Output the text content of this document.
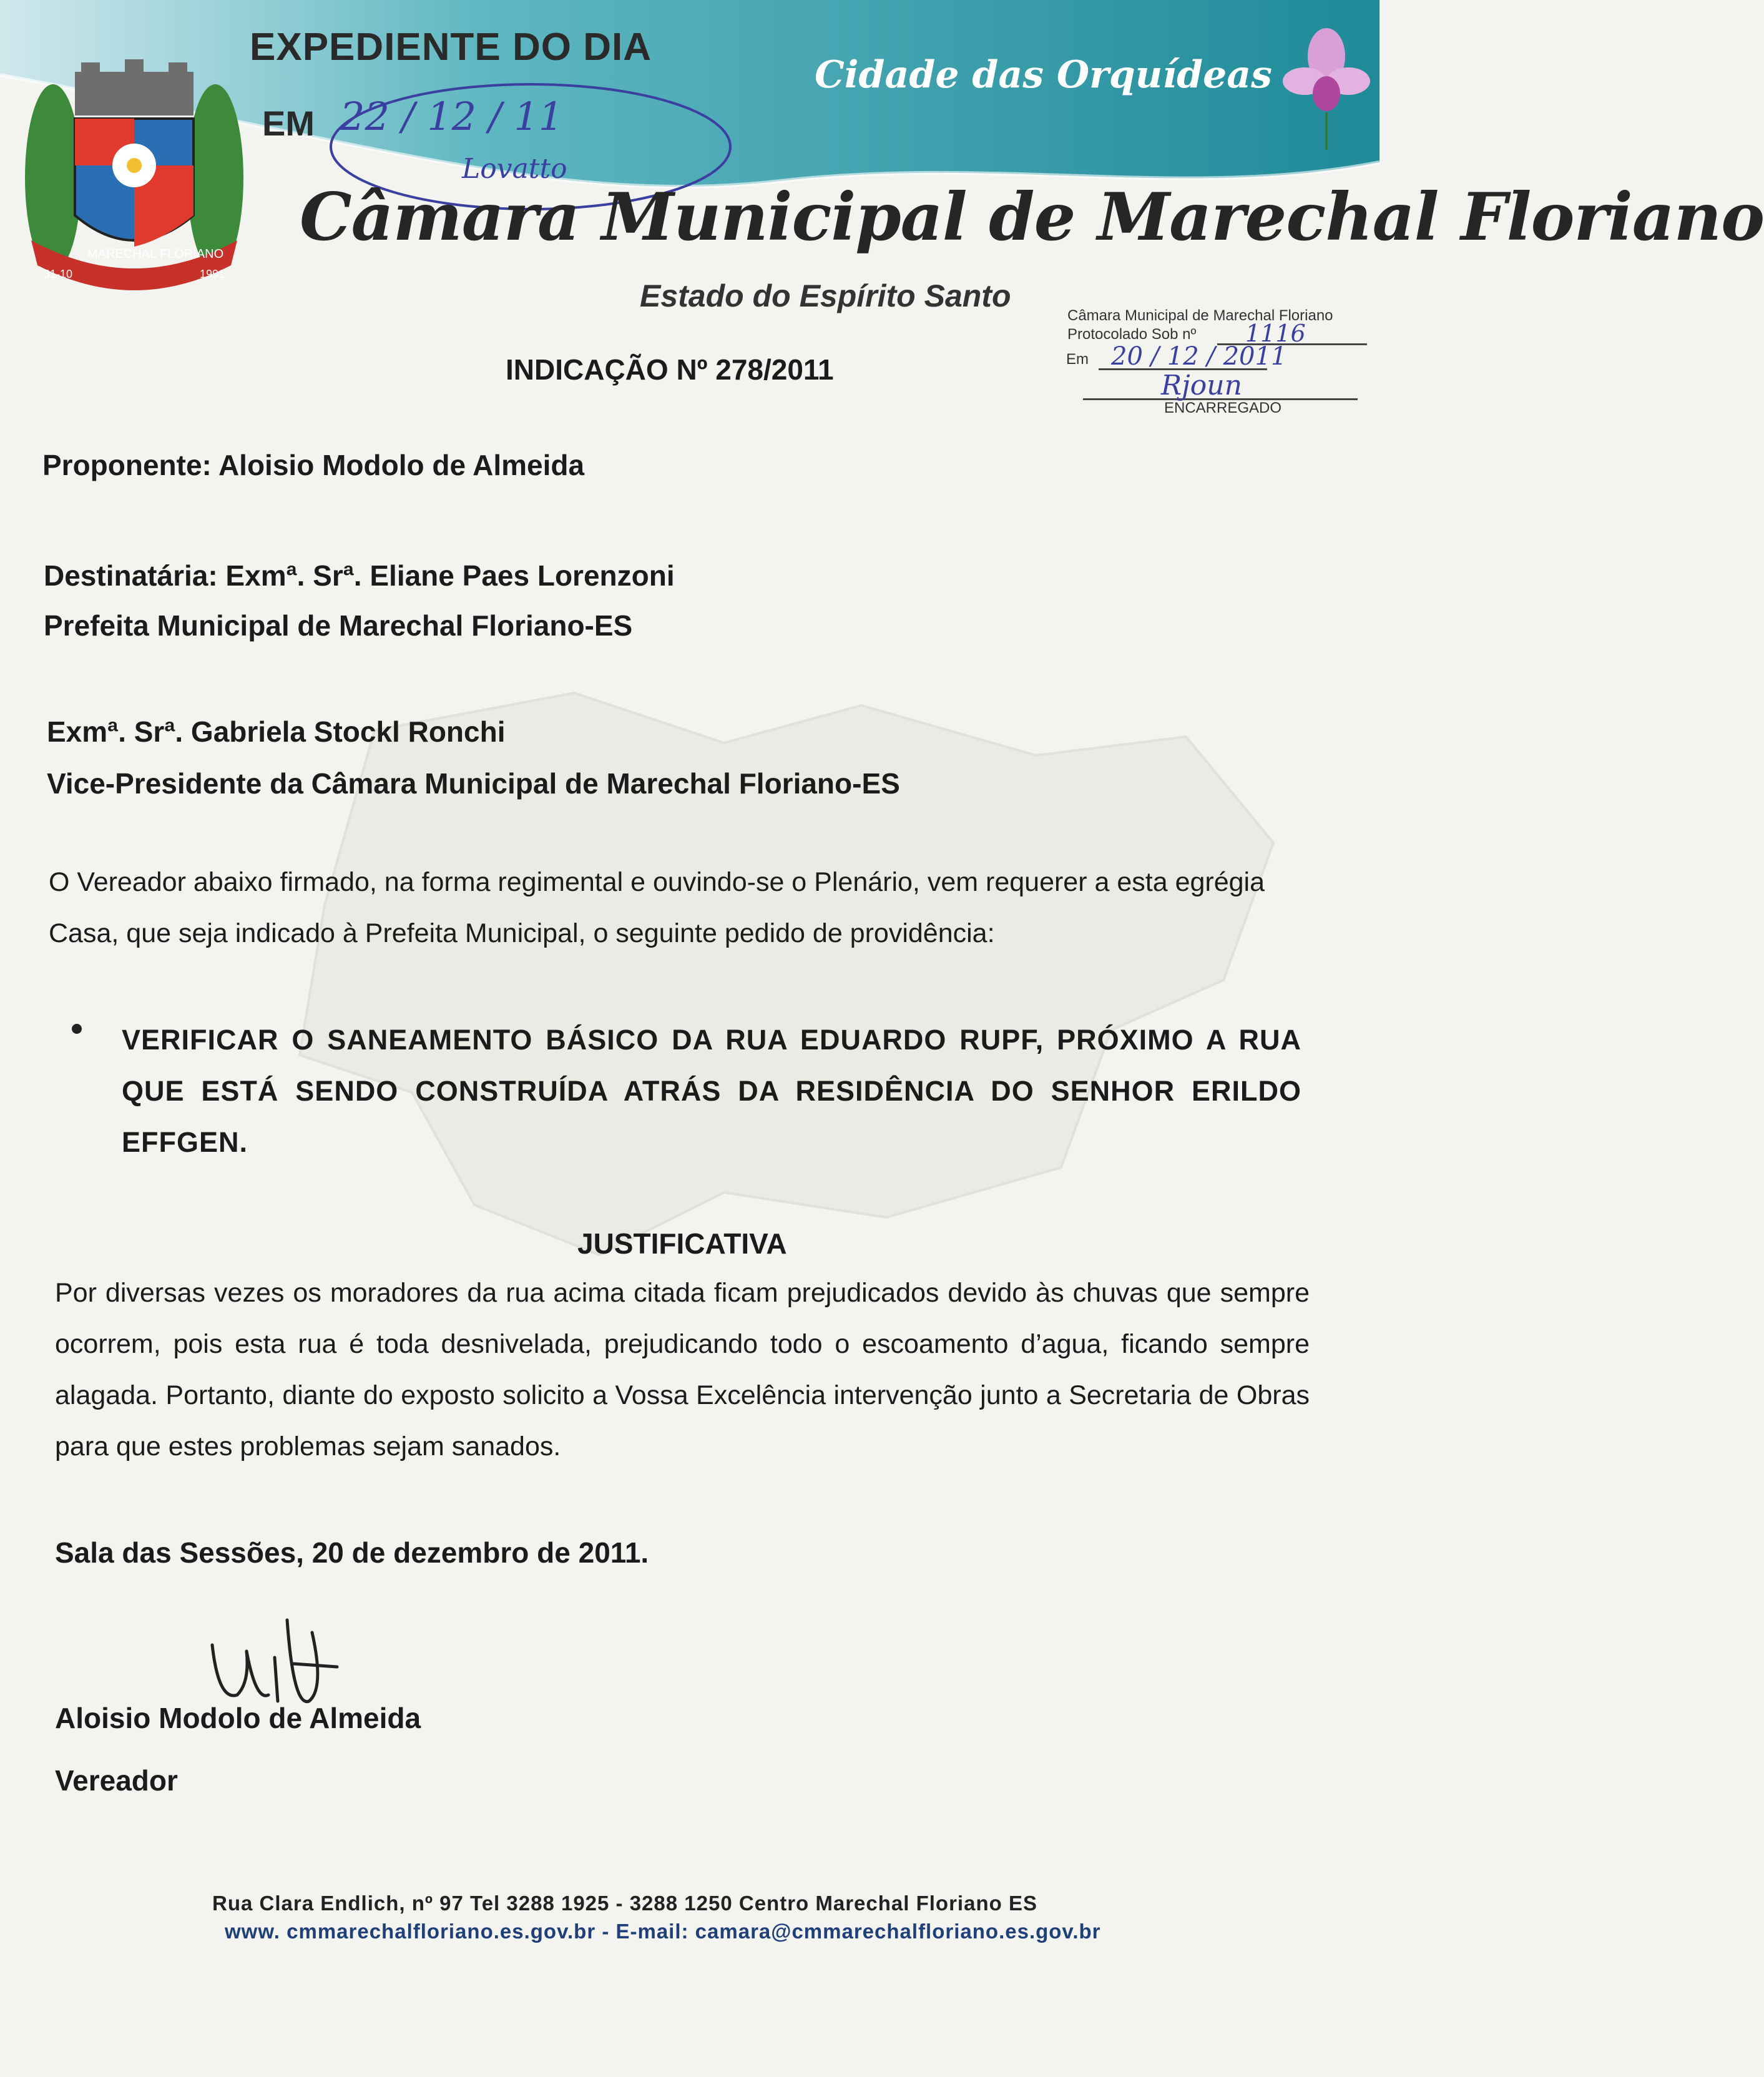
MARECHAL FLORIANO
31-10	1991
EXPEDIENTE DO DIA
EM 22 / 12 / 11
Lovatto
Cidade das Orquídeas
Câmara Municipal de Marechal Floriano
Estado do Espírito Santo
Câmara Municipal de Marechal Floriano
Protocolado Sob nº 1116
Em 20 / 12 / 2011
Rjoun
ENCARREGADO
INDICAÇÃO Nº 278/2011
Proponente: Aloisio Modolo de Almeida
Destinatária: Exmª. Srª. Eliane Paes Lorenzoni
Prefeita Municipal de Marechal Floriano-ES
Exmª. Srª. Gabriela Stockl Ronchi
Vice-Presidente da Câmara Municipal de Marechal Floriano-ES
O Vereador abaixo firmado, na forma regimental e ouvindo-se o Plenário, vem requerer a esta egrégia Casa, que seja indicado à Prefeita Municipal, o seguinte pedido de providência:
VERIFICAR O SANEAMENTO BÁSICO DA RUA EDUARDO RUPF, PRÓXIMO A RUA QUE ESTÁ SENDO CONSTRUÍDA ATRÁS DA RESIDÊNCIA DO SENHOR ERILDO EFFGEN.
JUSTIFICATIVA
Por diversas vezes os moradores da rua acima citada ficam prejudicados devido às chuvas que sempre ocorrem, pois esta rua é toda desnivelada, prejudicando todo o escoamento d’agua, ficando sempre alagada. Portanto, diante do exposto solicito a Vossa Excelência intervenção junto a Secretaria de Obras para que estes problemas sejam sanados.
Sala das Sessões, 20 de dezembro de 2011.
Aloisio Modolo de Almeida
Vereador
Rua Clara Endlich, nº 97 Tel 3288 1925 - 3288 1250 Centro Marechal Floriano ES
www. cmmarechalfloriano.es.gov.br - E-mail: camara@cmmarechalfloriano.es.gov.br
